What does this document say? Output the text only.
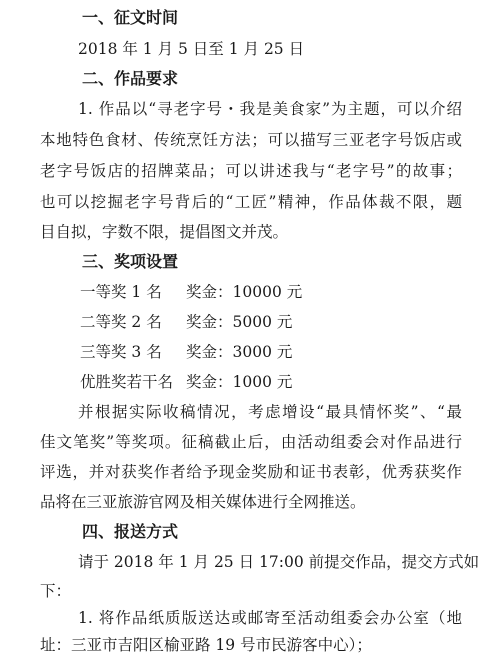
一、征文时间
2018 年 1 月 5 日至 1 月 25 日
二、作品要求
1. 作品以“寻老字号・我是美食家”为主题，可以介绍
本地特色食材、传统烹饪方法；可以描写三亚老字号饭店或
老字号饭店的招牌菜品；可以讲述我与“老字号”的故事；
也可以挖掘老字号背后的“工匠”精神，作品体裁不限，题
目自拟，字数不限，提倡图文并茂。
三、奖项设置
一等奖 1 名 奖金：10000 元
二等奖 2 名 奖金：5000 元
三等奖 3 名 奖金：3000 元
优胜奖若干名 奖金：1000 元
并根据实际收稿情况，考虑增设“最具情怀奖”、“最
佳文笔奖”等奖项。征稿截止后，由活动组委会对作品进行
评选，并对获奖作者给予现金奖励和证书表彰，优秀获奖作
品将在三亚旅游官网及相关媒体进行全网推送。
四、报送方式
请于 2018 年 1 月 25 日 17:00 前提交作品，提交方式如
下：
1. 将作品纸质版送达或邮寄至活动组委会办公室（地
址：三亚市吉阳区榆亚路 19 号市民游客中心）；
